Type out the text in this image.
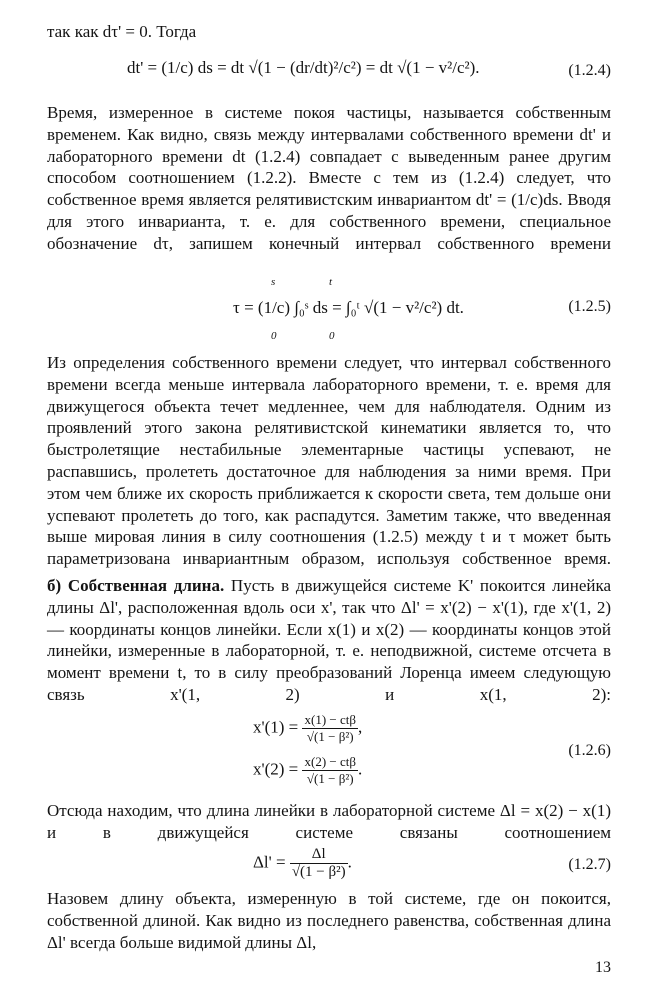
так как dτ' = 0. Тогда
dt' = (1/c) ds = dt √(1 − (dr/dt)²/c²) = dt √(1 − v²/c²).	(1.2.4)
Время, измеренное в системе покоя частицы, называется собственным временем. Как видно, связь между интервалами собственного времени dt' и лабораторного времени dt (1.2.4) совпадает с выведенным ранее другим способом соотношением (1.2.2). Вместе с тем из (1.2.4) следует, что собственное время является релятивистским инвариантом dt' = (1/c)ds. Вводя для этого инварианта, т. е. для собственного времени, специальное обозначение dτ, запишем конечный интервал собственного времени
s
0
t
0
τ = (1/c) ∫₀ˢ ds = ∫₀ᵗ √(1 − v²/c²) dt.	(1.2.5)
Из определения собственного времени следует, что интервал собственного времени всегда меньше интервала лабораторного времени, т. е. время для движущегося объекта течет медленнее, чем для наблюдателя. Одним из проявлений этого закона релятивистской кинематики является то, что быстролетящие нестабильные элементарные частицы успевают, не распавшись, пролететь достаточное для наблюдения за ними время. При этом чем ближе их скорость приближается к скорости света, тем дольше они успевают пролететь до того, как распадутся. Заметим также, что введенная выше мировая линия в силу соотношения (1.2.5) между t и τ может быть параметризована инвариантным образом, используя собственное время.
б) Собственная длина. Пусть в движущейся системе K' покоится линейка длины Δl', расположенная вдоль оси x', так что Δl' = x'(2) − x'(1), где x'(1, 2) — координаты концов линейки. Если x(1) и x(2) — координаты концов этой линейки, измеренные в лабораторной, т. е. неподвижной, системе отсчета в момент времени t, то в силу преобразований Лоренца имеем следующую связь x'(1, 2) и x(1, 2):
$x'(1) = \frac{\text{x(1) − ctβ}}{\text{√(1 − β²)}}$ ,
$x'(2) = \frac{\text{x(2) − ctβ}}{\text{√(1 − β²)}}$ .
(1.2.6)
Отсюда находим, что длина линейки в лабораторной системе Δl = x(2) − x(1) и в движущейся системе связаны соотношением
$\Delta l' = \frac{\Delta l}{\text{√(1 − β²)}}$ .	(1.2.7)
Назовем длину объекта, измеренную в той системе, где он покоится, собственной длиной. Как видно из последнего равенства, собственная длина Δl' всегда больше видимой длины Δl,
13
